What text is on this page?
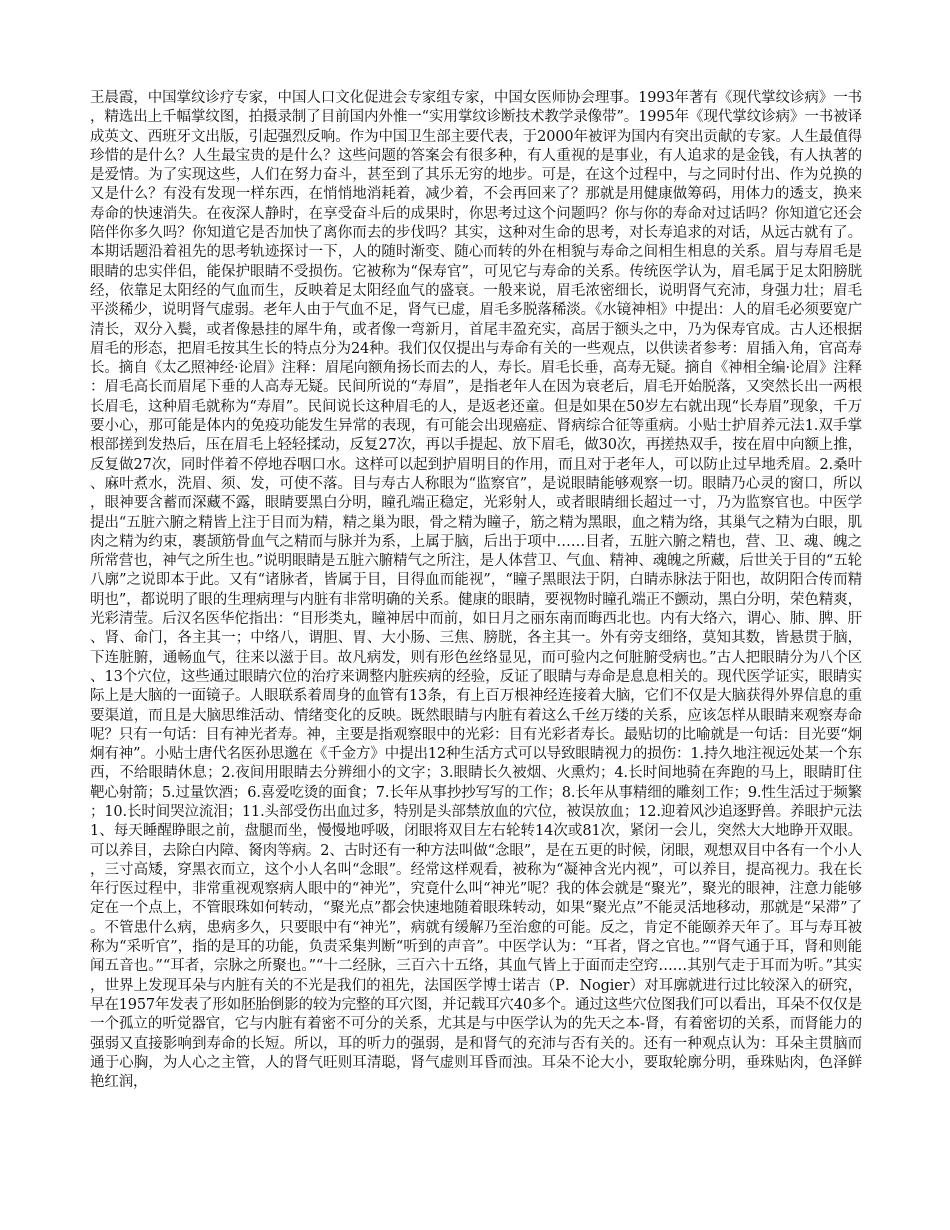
王晨霞，中国掌纹诊疗专家，中国人口文化促进会专家组专家，中国女医师协会理事。1993年著有《现代掌纹诊病》一书，精选出上千幅掌纹图，拍摄录制了目前国内外惟一“实用掌纹诊断技术教学录像带”。1995年《现代掌纹诊病》一书被译成英文、西班牙文出版，引起强烈反响。作为中国卫生部主要代表，于2000年被评为国内有突出贡献的专家。人生最值得珍惜的是什么？人生最宝贵的是什么？这些问题的答案会有很多种，有人重视的是事业，有人追求的是金钱，有人执著的是爱情。为了实现这些，人们在努力奋斗，甚至到了其乐无穷的地步。可是，在这个过程中，与之同时付出、作为兑换的又是什么？有没有发现一样东西，在悄悄地消耗着，减少着，不会再回来了？那就是用健康做筹码，用体力的透支，换来寿命的快速消失。在夜深人静时，在享受奋斗后的成果时，你思考过这个问题吗？你与你的寿命对过话吗？你知道它还会陪伴你多久吗？你知道它是否加快了离你而去的步伐吗？其实，这种对生命的思考，对长寿追求的对话，从远古就有了。本期话题沿着祖先的思考轨迹探讨一下，人的随时渐变、随心而转的外在相貌与寿命之间相生相息的关系。眉与寿眉毛是眼睛的忠实伴侣，能保护眼睛不受损伤。它被称为“保寿官”，可见它与寿命的关系。传统医学认为，眉毛属于足太阳膀胱经，依靠足太阳经的气血而生，反映着足太阳经血气的盛衰。一般来说，眉毛浓密细长，说明肾气充沛，身强力壮；眉毛平淡稀少，说明肾气虚弱。老年人由于气血不足，肾气已虚，眉毛多脱落稀淡。《水镜神相》中提出：人的眉毛必须要宽广清长，双分入鬓，或者像悬挂的犀牛角，或者像一弯新月，首尾丰盈充实，高居于额头之中，乃为保寿官成。古人还根据眉毛的形态，把眉毛按其生长的特点分为24种。我们仅仅提出与寿命有关的一些观点，以供读者参考：眉插入角，官高寿长。摘自《太乙照神经·论眉》注释：眉尾向额角扬长而去的人，寿长。眉毛长垂，高寿无疑。摘自《神相全编·论眉》注释：眉毛高长而眉尾下垂的人高寿无疑。民间所说的“寿眉”，是指老年人在因为衰老后，眉毛开始脱落，又突然长出一两根长眉毛，这种眉毛就称为“寿眉”。民间说长这种眉毛的人，是返老还童。但是如果在50岁左右就出现“长寿眉”现象，千万要小心，那可能是体内的免疫功能发生异常的表现，有可能会出现癌症、肾病综合征等重病。小贴士护眉养元法1.双手掌根部搓到发热后，压在眉毛上轻轻揉动，反复27次，再以手提起、放下眉毛，做30次，再搓热双手，按在眉中向额上推，反复做27次，同时伴着不停地吞咽口水。这样可以起到护眉明目的作用，而且对于老年人，可以防止过早地秃眉。2.桑叶、麻叶煮水，洗眉、须、发，可使不落。目与寿古人称眼为“监察官”，是说眼睛能够观察一切。眼睛乃心灵的窗口，所以，眼神要含蓄而深藏不露，眼睛要黑白分明，瞳孔端正稳定，光彩射人，或者眼睛细长超过一寸，乃为监察官也。中医学提出“五脏六腑之精皆上注于目而为精，精之巢为眼，骨之精为瞳子，筋之精为黑眼，血之精为络，其巢气之精为白眼，肌肉之精为约束，裹颉筋骨血气之精而与脉并为系，上属于脑，后出于项中……目者，五脏六腑之精也，营、卫、魂、魄之所常营也，神气之所生也。”说明眼睛是五脏六腑精气之所注，是人体营卫、气血、精神、魂魄之所藏，后世关于目的“五轮八廓”之说即本于此。又有“诸脉者，皆属于目，目得血而能视”，“瞳子黑眼法于阴，白睛赤脉法于阳也，故阴阳合传而精明也”，都说明了眼的生理病理与内脏有非常明确的关系。健康的眼睛，要视物时瞳孔端正不颤动，黑白分明，荣色精爽，光彩清莹。后汉名医华佗指出：“目形类丸，瞳神居中而前，如日月之丽东南而晦西北也。内有大络六，谓心、肺、脾、肝、肾、命门，各主其一；中络八，谓胆、胃、大小肠、三焦、膀胱，各主其一。外有旁支细络，莫知其数，皆悬贯于脑，下连脏腑，通畅血气，往来以滋于目。故凡病发，则有形色丝络显见，而可验内之何脏腑受病也。”古人把眼睛分为八个区、13个穴位，这些通过眼睛穴位的治疗来调整内脏疾病的经验，反证了眼睛与寿命是息息相关的。现代医学证实，眼睛实际上是大脑的一面镜子。人眼联系着周身的血管有13条，有上百万根神经连接着大脑，它们不仅是大脑获得外界信息的重要渠道，而且是大脑思维活动、情绪变化的反映。既然眼睛与内脏有着这么千丝万缕的关系，应该怎样从眼睛来观察寿命呢？只有一句话：目有神光者寿。神，主要是指观察眼中的光彩：目有光彩者寿长。最贴切的比喻就是一句话：目光要“炯炯有神”。小贴士唐代名医孙思邈在《千金方》中提出12种生活方式可以导致眼睛视力的损伤：1.持久地注视远处某一个东西，不给眼睛休息；2.夜间用眼睛去分辨细小的文字；3.眼睛长久被烟、火熏灼；4.长时间地骑在奔跑的马上，眼睛盯住靶心射箭；5.过量饮酒；6.喜爱吃烫的面食；7.长年从事抄抄写写的工作；8.长年从事精细的雕刻工作；9.性生活过于频繁；10.长时间哭泣流泪；11.头部受伤出血过多，特别是头部禁放血的穴位，被误放血；12.迎着风沙追逐野兽。养眼护元法1、每天睡醒睁眼之前，盘腿而坐，慢慢地呼吸，闭眼将双目左右轮转14次或81次，紧闭一会儿，突然大大地睁开双眼。可以养目，去除白内障、胬肉等病。2、古时还有一种方法叫做“念眼”，是在五更的时候，闭眼，观想双目中各有一个小人，三寸高矮，穿黑衣而立，这个小人名叫“念眼”。经常这样观看，被称为“凝神含光内视”，可以养目，提高视力。我在长年行医过程中，非常重视观察病人眼中的“神光”，究竟什么叫“神光”呢？我的体会就是“聚光”，聚光的眼神，注意力能够定在一个点上，不管眼珠如何转动，“聚光点”都会快速地随着眼珠转动，如果“聚光点”不能灵活地移动，那就是“呆滞”了。不管患什么病，患病多久，只要眼中有“神光”，病就有缓解乃至治愈的可能。反之，肯定不能颐养天年了。耳与寿耳被称为“采听官”，指的是耳的功能，负责采集判断“听到的声音”。中医学认为：“耳者，肾之官也。”“肾气通于耳，肾和则能闻五音也。”“耳者，宗脉之所聚也。”“十二经脉，三百六十五络，其血气皆上于面而走空窍……其别气走于耳而为听。”其实，世界上发现耳朵与内脏有关的不光是我们的祖先，法国医学博士诺吉（P．Nogier）对耳廓就进行过比较深入的研究，早在1957年发表了形如胚胎倒影的较为完整的耳穴图，并记载耳穴40多个。通过这些穴位图我们可以看出，耳朵不仅仅是一个孤立的听觉器官，它与内脏有着密不可分的关系，尤其是与中医学认为的先天之本-肾，有着密切的关系，而肾能力的强弱又直接影响到寿命的长短。所以，耳的听力的强弱，是和肾气的充沛与否有关的。还有一种观点认为：耳朵主贯脑而通于心胸，为人心之主管，人的肾气旺则耳清聪，肾气虚则耳昏而浊。耳朵不论大小，要取轮廓分明，垂珠贴肉，色泽鲜艳红润，
